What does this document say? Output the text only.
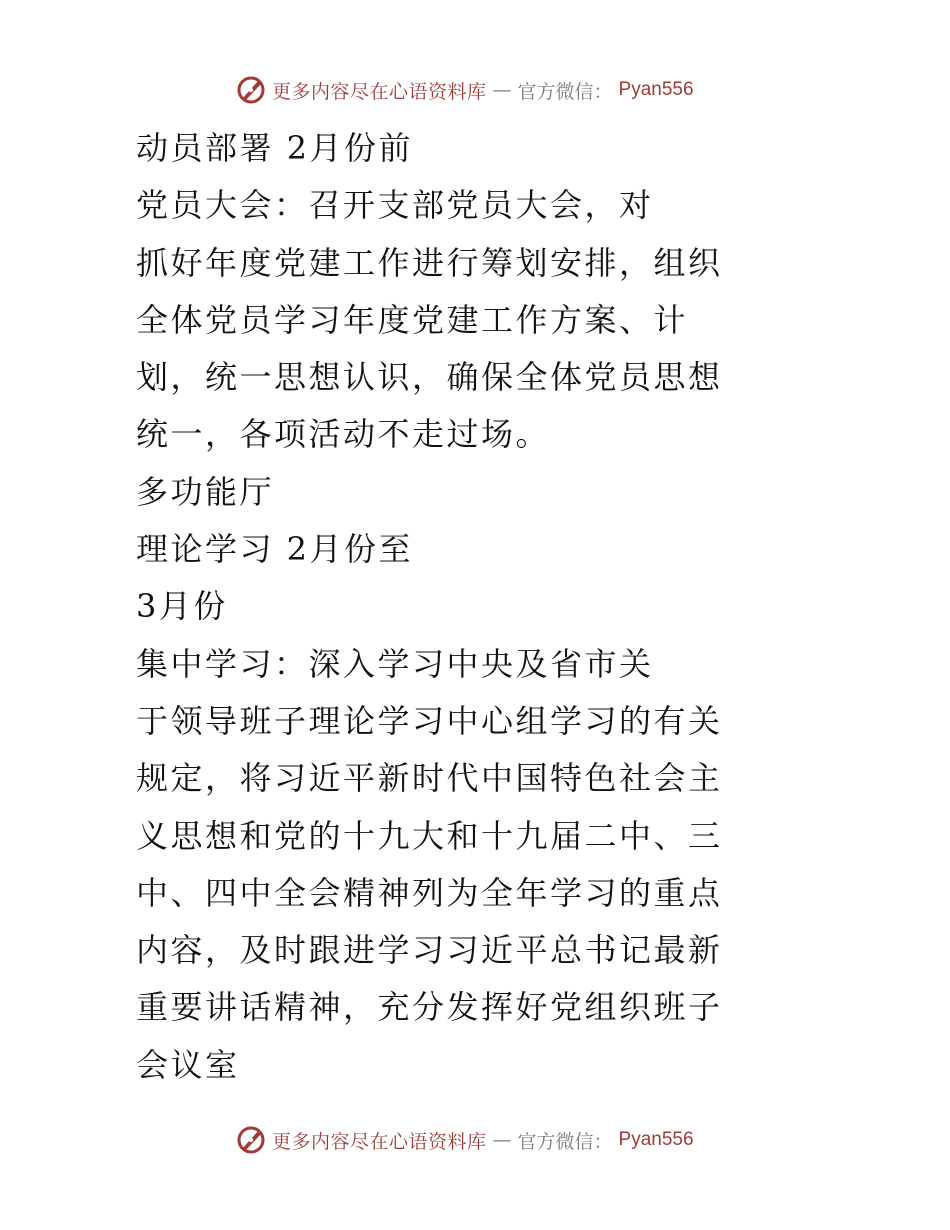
更多内容尽在心语资料库 — 官方微信： Pyan556
动员部署 2月份前
党员大会：召开支部党员大会，对
抓好年度党建工作进行筹划安排，组织
全体党员学习年度党建工作方案、计
划，统一思想认识，确保全体党员思想
统一，各项活动不走过场。
多功能厅
理论学习 2月份至
3月份
集中学习：深入学习中央及省市关
于领导班子理论学习中心组学习的有关
规定，将习近平新时代中国特色社会主
义思想和党的十九大和十九届二中、三
中、四中全会精神列为全年学习的重点
内容，及时跟进学习习近平总书记最新
重要讲话精神，充分发挥好党组织班子
会议室
更多内容尽在心语资料库 — 官方微信： Pyan556
